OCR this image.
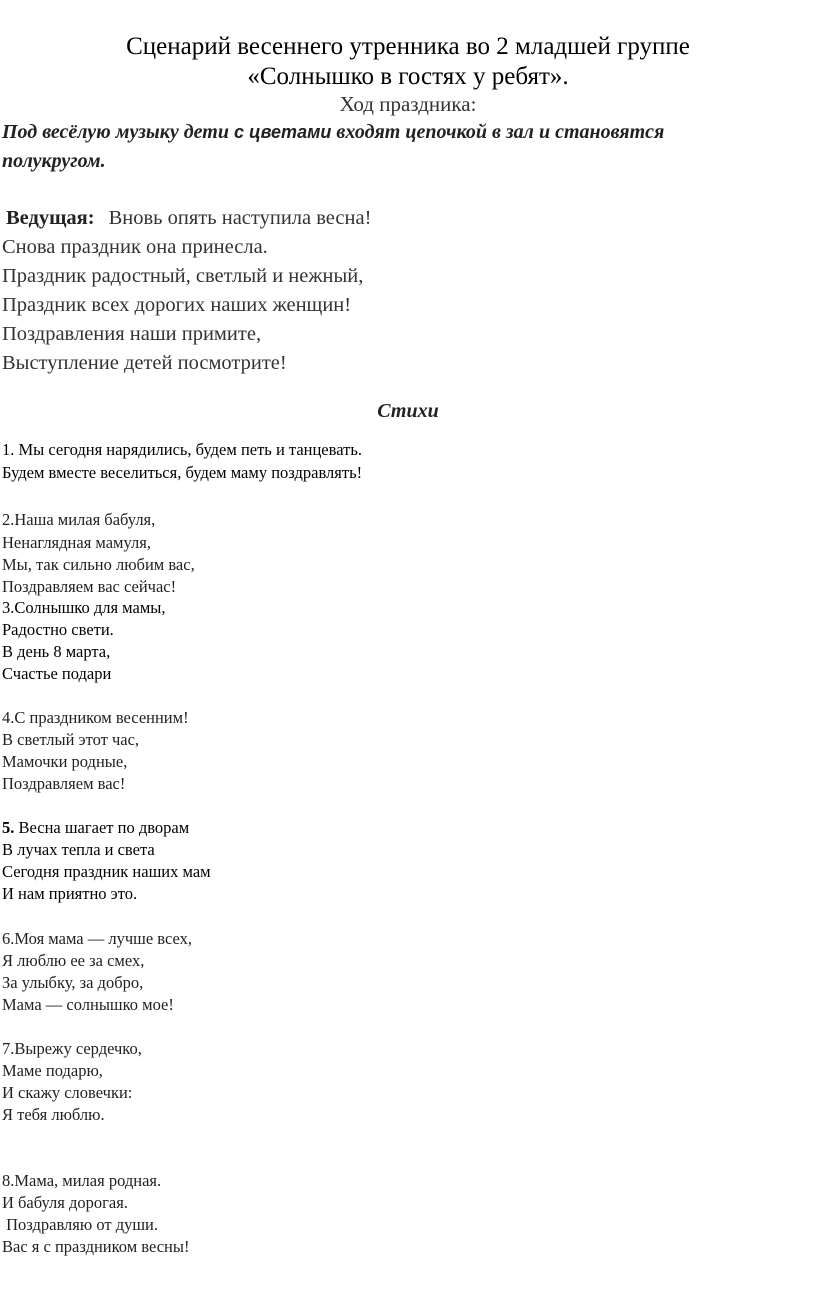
Сценарий весеннего утренника во 2 младшей группе
«Солнышко в гостях у ребят».
Ход праздника:
Под весёлую музыку дети с цветами входят цепочкой в зал и становятся
полукругом.
Ведущая: Вновь опять наступила весна!
Снова праздник она принесла.
Праздник радостный, светлый и нежный,
Праздник всех дорогих наших женщин!
Поздравления наши примите,
Выступление детей посмотрите!
Стихи
1. Мы сегодня нарядились, будем петь и танцевать.
Будем вместе веселиться, будем маму поздравлять!
2.Наша милая бабуля,
Ненаглядная мамуля,
Мы, так сильно любим вас,
Поздравляем вас сейчас!
3.Солнышко для мамы,
Радостно свети.
В день 8 марта,
Счастье подари
4.С праздником весенним!
В светлый этот час,
Мамочки родные,
Поздравляем вас!
5. Весна шагает по дворам
В лучах тепла и света
Сегодня праздник наших мам
И нам приятно это.
6.Моя мама — лучше всех,
Я люблю ее за смех,
За улыбку, за добро,
Мама — солнышко мое!
7.Вырежу сердечко,
Маме подарю,
И скажу словечки:
Я тебя люблю.
8.Мама, милая родная.
И бабуля дорогая.
Поздравляю от души.
Вас я с праздником весны!
